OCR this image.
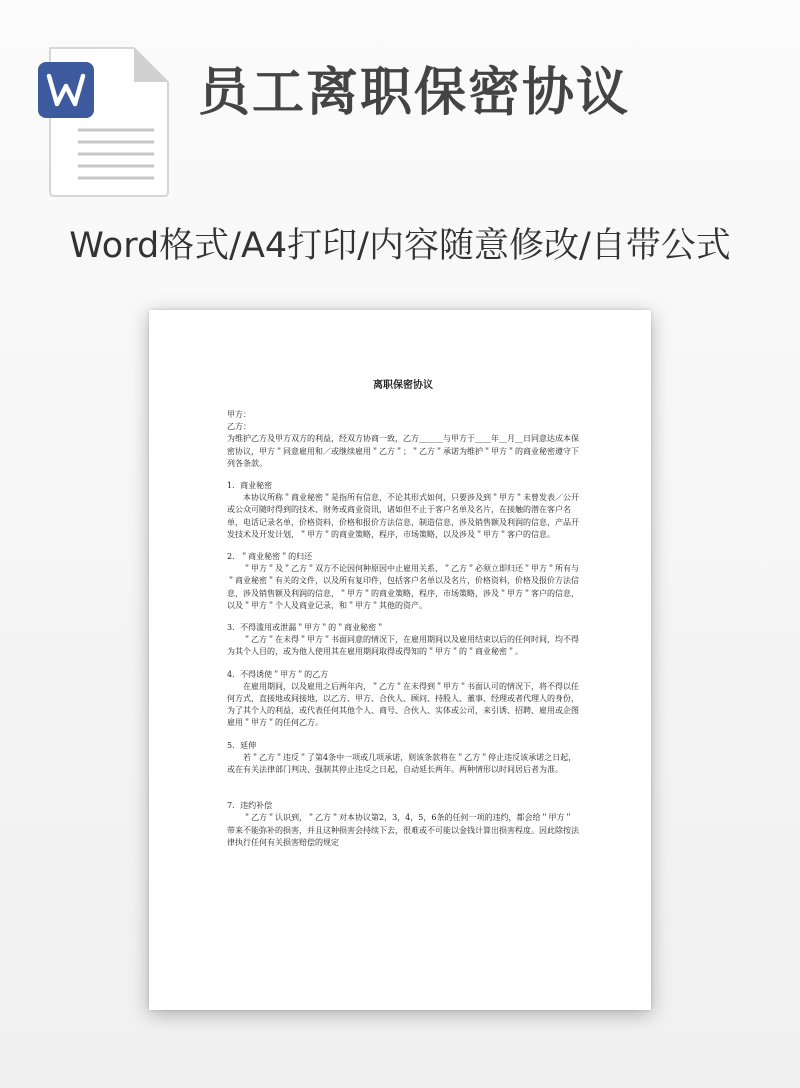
员工离职保密协议
Word格式/A4打印/内容随意修改/自带公式
离职保密协议

甲方：

乙方：

为维护乙方及甲方双方的利益，经双方协商一致，乙方______与甲方于____年__月__日同意达成本保密协议，甲方＂同意雇用和／或继续雇用＂乙方＂；＂乙方＂承诺为维护＂甲方＂的商业秘密遵守下列各条款。

1．商业秘密

本协议所称＂商业秘密＂是指所有信息，不论其形式如何，只要涉及到＂甲方＂未曾发表／公开或公众可随时得到的技术、财务或商业资讯，诸如但不止于客户名单及名片，在接触的潜在客户名单，电话记录名单，价格资料，价格和报价方法信息，制造信息，涉及销售额及利润的信息，产品开发技术及开发计划，＂甲方＂的商业策略，程序，市场策略，以及涉及＂甲方＂客户的信息。

2．＂商业秘密＂的归还

＂甲方＂及＂乙方＂双方不论因何种原因中止雇用关系，＂乙方＂必须立即归还＂甲方＂所有与＂商业秘密＂有关的文件，以及所有复印件，包括客户名单以及名片，价格资料，价格及报价方法信息，涉及销售额及利润的信息，＂甲方＂的商业策略，程序，市场策略，涉及＂甲方＂客户的信息，以及＂甲方＂个人及商业记录，和＂甲方＂其他的资产。

3．不得滥用或泄漏＂甲方＂的＂商业秘密＂

＂乙方＂在未得＂甲方＂书面同意的情况下，在雇用期间以及雇用结束以后的任何时间，均不得为其个人目的，或为他人使用其在雇用期间取得或得知的＂甲方＂的＂商业秘密＂。

4．不得诱使＂甲方＂的乙方

在雇用期间，以及雇用之后两年内，＂乙方＂在未得到＂甲方＂书面认可的情况下，将不得以任何方式，直接地或间接地，以乙方、甲方、合伙人、顾问、持股人、董事、经理或者代理人的身份，为了其个人的利益，或代表任何其他个人、商号、合伙人、实体或公司，来引诱、招聘、雇用或企图雇用＂甲方＂的任何乙方。

5．延伸

若＂乙方＂违反＂了第4条中一项或几项承诺，则该条款将在＂乙方＂停止违反该承诺之日起，或在有关法律部门判决、强制其停止违反之日起，自动延长两年。两种情形以时间居后者为准。

7．违约补偿

＂乙方＂认识到，＂乙方＂对本协议第2，3，4，5，6条的任何一项的违约，都会给＂甲方＂带来不能弥补的损害，并且这种损害会持续下去，很难或不可能以金钱计算出损害程度。因此除按法律执行任何有关损害赔偿的规定
